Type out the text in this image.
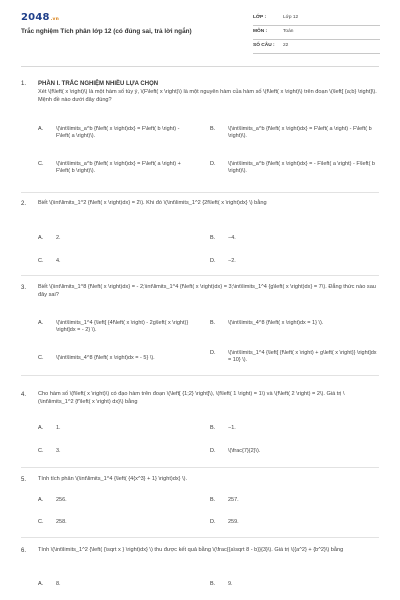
2048.vn
Trắc nghiệm Tích phân lớp 12 (có đúng sai, trả lời ngắn)
LỚP :	Lớp 12
MÔN :	Toán
SỐ CÂU : 22
1. PHẦN I. TRẮC NGHIỆM NHIỀU LỰA CHỌN
Xét \(f\left( x \right)\) là một hàm số tùy ý, \(F\left( x \right)\) là một nguyên hàm của hàm số \(f\left( x \right)\) trên đoạn \(\left[ {a;b} \right]\). Mệnh đề nào dưới đây đúng?
A. \(\int\limits_a^b {f\left( x \right)dx} = F\left( b \right) - F\left( a \right)\).
B. \(\int\limits_a^b {f\left( x \right)dx} = F\left( a \right) - F\left( b \right)\).
C. \(\int\limits_a^b {f\left( x \right)dx} = F\left( a \right) + F\left( b \right)\).
D. \(\int\limits_a^b {f\left( x \right)dx} = - F\left( a \right) - F\left( b \right)\).
2. Biết \(\int\limits_1^2 {f\left( x \right)dx} = 2\). Khi đó \(\int\limits_1^2 {2f\left( x \right)dx} \) bằng
A. 2.	B. −4.
C. 4.	D. −2.
3. Biết \(\int\limits_1^8 {f\left( x \right)dx} = - 2;\int\limits_1^4 {f\left( x \right)dx} = 3;\int\limits_1^4 {g\left( x \right)dx} = 7\). Đẳng thức nào sau đây sai?
A. \(\int\limits_1^4 {\left[ {4f\left( x \right) - 2g\left( x \right)} \right]dx = - 2} \).
B. \(\int\limits_4^8 {f\left( x \right)dx = 1} \).
C. \(\int\limits_4^8 {f\left( x \right)dx = - 5} \).
D. \(\int\limits_1^4 {\left[ {f\left( x \right) + g\left( x \right)} \right]dx = 10} \).
4. Cho hàm số \(f\left( x \right)\) có đạo hàm trên đoạn \(\left[ {1;2} \right]\), \(f\left( 1 \right) = 1\) và \(f\left( 2 \right) = 2\). Giá trị \(\int\limits_1^2 {f'\left( x \right) dx}\) bằng
A. 1.	B. −1.
C. 3.	D. \(\frac{7}{2}\).
5. Tính tích phân \(\int\limits_1^4 {\left( {4{x^3} + 1} \right)dx} \).
A. 256.	B. 257.
C. 258.	D. 259.
6. Tính \(\int\limits_1^2 {\left( {\sqrt x } \right)dx} \) thu được kết quả bằng \(\frac{{a\sqrt 8 - b}}{3}\). Giá trị \({a^2} + {b^2}\) bằng
A. 8.	B. 9.
